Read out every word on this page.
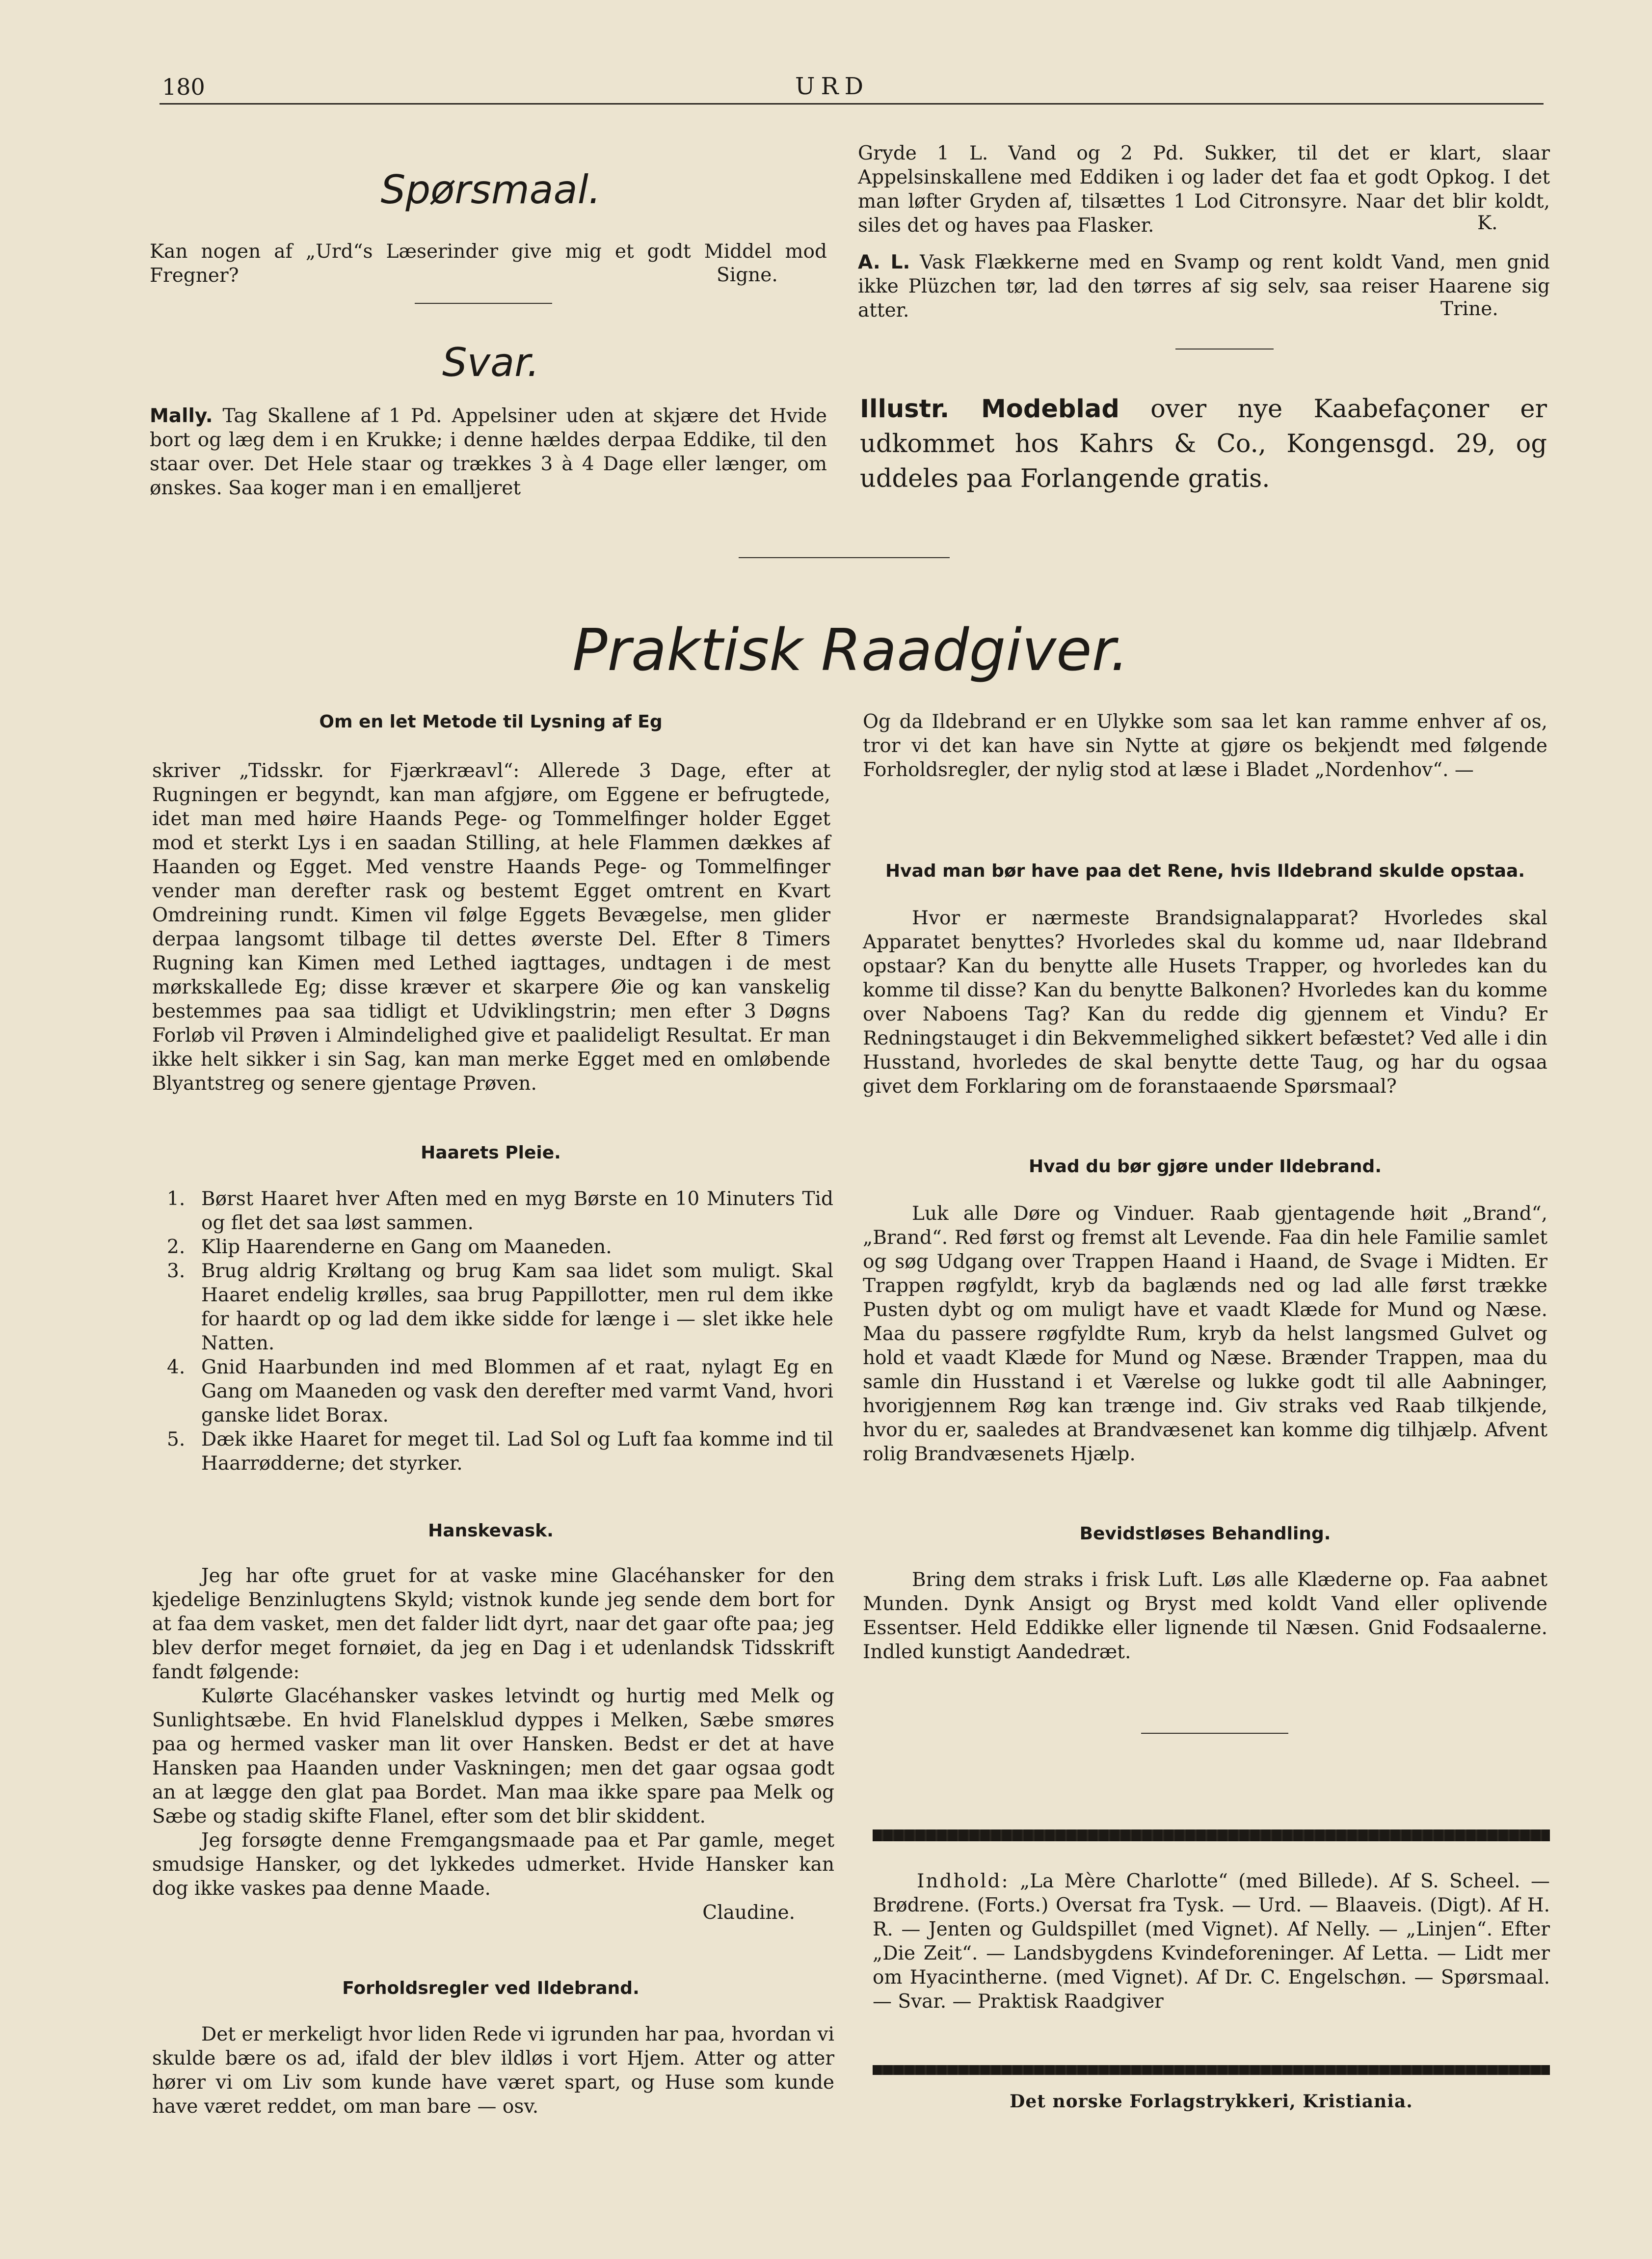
180	URD
Spørsmaal.

Kan nogen af „Urd“s Læserinder give mig et godt Middel mod Fregner?	Signe.
Svar.

Mally. Tag Skallene af 1 Pd. Appelsiner uden at skjære det Hvide bort og læg dem i en Krukke; i denne hældes derpaa Eddike, til den staar over. Det Hele staar og trækkes 3 à 4 Dage eller længer, om ønskes. Saa koger man i en emalljeret

Gryde 1 L. Vand og 2 Pd. Sukker, til det er klart, slaar Appelsinskallene med Eddiken i og lader det faa et godt Opkog. I det man løfter Gryden af, tilsættes 1 Lod Citronsyre. Naar det blir koldt, siles det og haves paa Flasker.	K.

A. L. Vask Flækkerne med en Svamp og rent koldt Vand, men gnid ikke Plüzchen tør, lad den tørres af sig selv, saa reiser Haarene sig atter.	Trine.

Illustr. Modeblad over nye Kaabefaçoner er udkommet hos Kahrs & Co., Kongensgd. 29, og uddeles paa Forlangende gratis.

Praktisk Raadgiver.
Om en let Metode til Lysning af Eg

skriver „Tidsskr. for Fjærkræavl“: Allerede 3 Dage, efter at Rugningen er begyndt, kan man afgjøre, om Eggene er befrugtede, idet man med høire Haands Pege- og Tommelfinger holder Egget mod et sterkt Lys i en saadan Stilling, at hele Flammen dækkes af Haanden og Egget. Med venstre Haands Pege- og Tommelfinger vender man derefter rask og bestemt Egget omtrent en Kvart Omdreining rundt. Kimen vil følge Eggets Bevægelse, men glider derpaa langsomt tilbage til dettes øverste Del. Efter 8 Timers Rugning kan Kimen med Lethed iagttages, undtagen i de mest mørkskallede Eg; disse kræver et skarpere Øie og kan vanskelig bestemmes paa saa tidligt et Udviklingstrin; men efter 3 Døgns Forløb vil Prøven i Almindelighed give et paalideligt Resultat. Er man ikke helt sikker i sin Sag, kan man merke Egget med en omløbende Blyantstreg og senere gjentage Prøven.

Haarets Pleie.
1. Børst Haaret hver Aften med en myg Børste en 10 Minuters Tid og flet det saa løst sammen.
2. Klip Haarenderne en Gang om Maaneden.
3. Brug aldrig Krøltang og brug Kam saa lidet som muligt. Skal Haaret endelig krølles, saa brug Pappillotter, men rul dem ikke for haardt op og lad dem ikke sidde for længe i — slet ikke hele Natten.
4. Gnid Haarbunden ind med Blommen af et raat, nylagt Eg en Gang om Maaneden og vask den derefter med varmt Vand, hvori ganske lidet Borax.
5. Dæk ikke Haaret for meget til. Lad Sol og Luft faa komme ind til Haarrødderne; det styrker.
Hanskevask.

Jeg har ofte gruet for at vaske mine Glacéhansker for den kjedelige Benzinlugtens Skyld; vistnok kunde jeg sende dem bort for at faa dem vasket, men det falder lidt dyrt, naar det gaar ofte paa; jeg blev derfor meget fornøiet, da jeg en Dag i et udenlandsk Tidsskrift fandt følgende:

Kulørte Glacéhansker vaskes letvindt og hurtig med Melk og Sunlightsæbe. En hvid Flanelsklud dyppes i Melken, Sæbe smøres paa og hermed vasker man lit over Hansken. Bedst er det at have Hansken paa Haanden under Vaskningen; men det gaar ogsaa godt an at lægge den glat paa Bordet. Man maa ikke spare paa Melk og Sæbe og stadig skifte Flanel, efter som det blir skiddent.

Jeg forsøgte denne Fremgangsmaade paa et Par gamle, meget smudsige Hansker, og det lykkedes udmerket. Hvide Hansker kan dog ikke vaskes paa denne Maade.

Claudine.

Forholdsregler ved Ildebrand.

Det er merkeligt hvor liden Rede vi igrunden har paa, hvordan vi skulde bære os ad, ifald der blev ildløs i vort Hjem. Atter og atter hører vi om Liv som kunde have været spart, og Huse som kunde have været reddet, om man bare — osv.

Og da Ildebrand er en Ulykke som saa let kan ramme enhver af os, tror vi det kan have sin Nytte at gjøre os bekjendt med følgende Forholdsregler, der nylig stod at læse i Bladet „Nordenhov“. —

Hvad man bør have paa det Rene, hvis Ildebrand skulde opstaa.

Hvor er nærmeste Brandsignalapparat? Hvorledes skal Apparatet benyttes? Hvorledes skal du komme ud, naar Ildebrand opstaar? Kan du benytte alle Husets Trapper, og hvorledes kan du komme til disse? Kan du benytte Balkonen? Hvorledes kan du komme over Naboens Tag? Kan du redde dig gjennem et Vindu? Er Redningstauget i din Bekvemmelighed sikkert befæstet? Ved alle i din Husstand, hvorledes de skal benytte dette Taug, og har du ogsaa givet dem Forklaring om de foranstaaende Spørsmaal?

Hvad du bør gjøre under Ildebrand.

Luk alle Døre og Vinduer. Raab gjentagende høit „Brand“, „Brand“. Red først og fremst alt Levende. Faa din hele Familie samlet og søg Udgang over Trappen Haand i Haand, de Svage i Midten. Er Trappen røgfyldt, kryb da baglænds ned og lad alle først trække Pusten dybt og om muligt have et vaadt Klæde for Mund og Næse. Maa du passere røgfyldte Rum, kryb da helst langsmed Gulvet og hold et vaadt Klæde for Mund og Næse. Brænder Trappen, maa du samle din Husstand i et Værelse og lukke godt til alle Aabninger, hvorigjennem Røg kan trænge ind. Giv straks ved Raab tilkjende, hvor du er, saaledes at Brandvæsenet kan komme dig tilhjælp. Afvent rolig Brandvæsenets Hjælp.

Bevidstløses Behandling.

Bring dem straks i frisk Luft. Løs alle Klæderne op. Faa aabnet Munden. Dynk Ansigt og Bryst med koldt Vand eller oplivende Essentser. Held Eddikke eller lignende til Næsen. Gnid Fodsaalerne. Indled kunstigt Aandedræt.

Indhold: „La Mère Charlotte“ (med Billede). Af S. Scheel. — Brødrene. (Forts.) Oversat fra Tysk. — Urd. — Blaaveis. (Digt). Af H. R. — Jenten og Guldspillet (med Vignet). Af Nelly. — „Linjen“. Efter „Die Zeit“. — Landsbygdens Kvindeforeninger. Af Letta. — Lidt mer om Hyacintherne. (med Vignet). Af Dr. C. Engelschøn. — Spørsmaal. — Svar. — Praktisk Raadgiver

Det norske Forlagstrykkeri, Kristiania.
